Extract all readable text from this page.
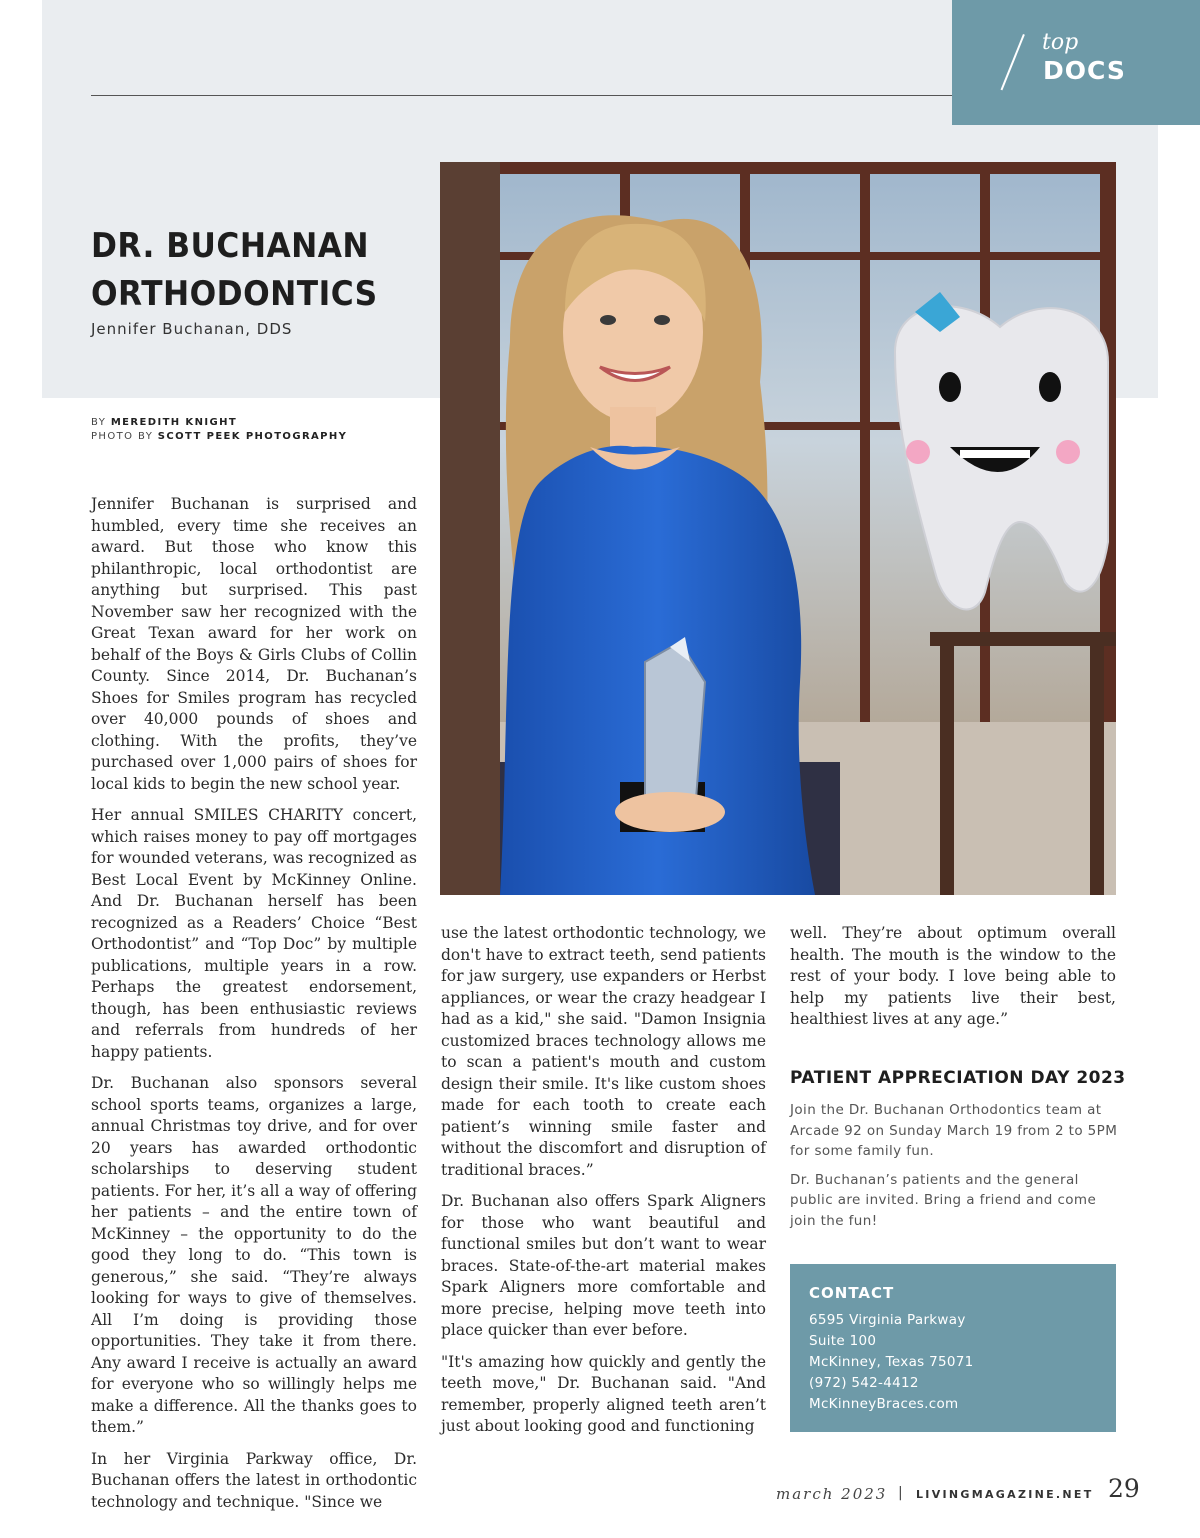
top
DOCS
DR. BUCHANAN
ORTHODONTICS
Jennifer Buchanan, DDS
BY MEREDITH KNIGHT
PHOTO BY SCOTT PEEK PHOTOGRAPHY

Jennifer Buchanan is surprised and humbled, every time she receives an award. But those who know this philanthropic, local orthodontist are anything but surprised. This past November saw her recognized with the Great Texan award for her work on behalf of the Boys & Girls Clubs of Collin County. Since 2014, Dr. Buchanan’s Shoes for Smiles program has recycled over 40,000 pounds of shoes and clothing. With the profits, they’ve purchased over 1,000 pairs of shoes for local kids to begin the new school year.

Her annual SMILES CHARITY concert, which raises money to pay off mortgages for wounded veterans, was recognized as Best Local Event by McKinney Online. And Dr. Buchanan herself has been recognized as a Readers’ Choice “Best Orthodontist” and “Top Doc” by multiple publications, multiple years in a row. Perhaps the greatest endorsement, though, has been enthusiastic reviews and referrals from hundreds of her happy patients.

Dr. Buchanan also sponsors several school sports teams, organizes a large, annual Christmas toy drive, and for over 20 years has awarded orthodontic scholarships to deserving student patients. For her, it’s all a way of offering her patients – and the entire town of McKinney – the opportunity to do the good they long to do. “This town is generous,” she said. “They’re always looking for ways to give of themselves. All I’m doing is providing those opportunities. They take it from there. Any award I receive is actually an award for everyone who so willingly helps me make a difference. All the thanks goes to them.”

In her Virginia Parkway office, Dr. Buchanan offers the latest in orthodontic technology and technique. "Since we

use the latest orthodontic technology, we don't have to extract teeth, send patients for jaw surgery, use expanders or Herbst appliances, or wear the crazy headgear I had as a kid," she said. "Damon Insignia customized braces technology allows me to scan a patient's mouth and custom design their smile. It's like custom shoes made for each tooth to create each patient’s winning smile faster and without the discomfort and disruption of traditional braces.”

Dr. Buchanan also offers Spark Aligners for those who want beautiful and functional smiles but don’t want to wear braces. State-of-the-art material makes Spark Aligners more comfortable and more precise, helping move teeth into place quicker than ever before.

"It's amazing how quickly and gently the teeth move," Dr. Buchanan said. "And remember, properly aligned teeth aren’t just about looking good and functioning

well. They’re about optimum overall health. The mouth is the window to the rest of your body. I love being able to help my patients live their best, healthiest lives at any age.”

PATIENT APPRECIATION DAY 2023

Join the Dr. Buchanan Orthodontics team at Arcade 92 on Sunday March 19 from 2 to 5PM for some family fun.

Dr. Buchanan’s patients and the general public are invited. Bring a friend and come join the fun!

CONTACT
6595 Virginia Parkway
Suite 100
McKinney, Texas 75071
(972) 542-4412
McKinneyBraces.com
march 2023 | LIVINGMAGAZINE.NET 29
